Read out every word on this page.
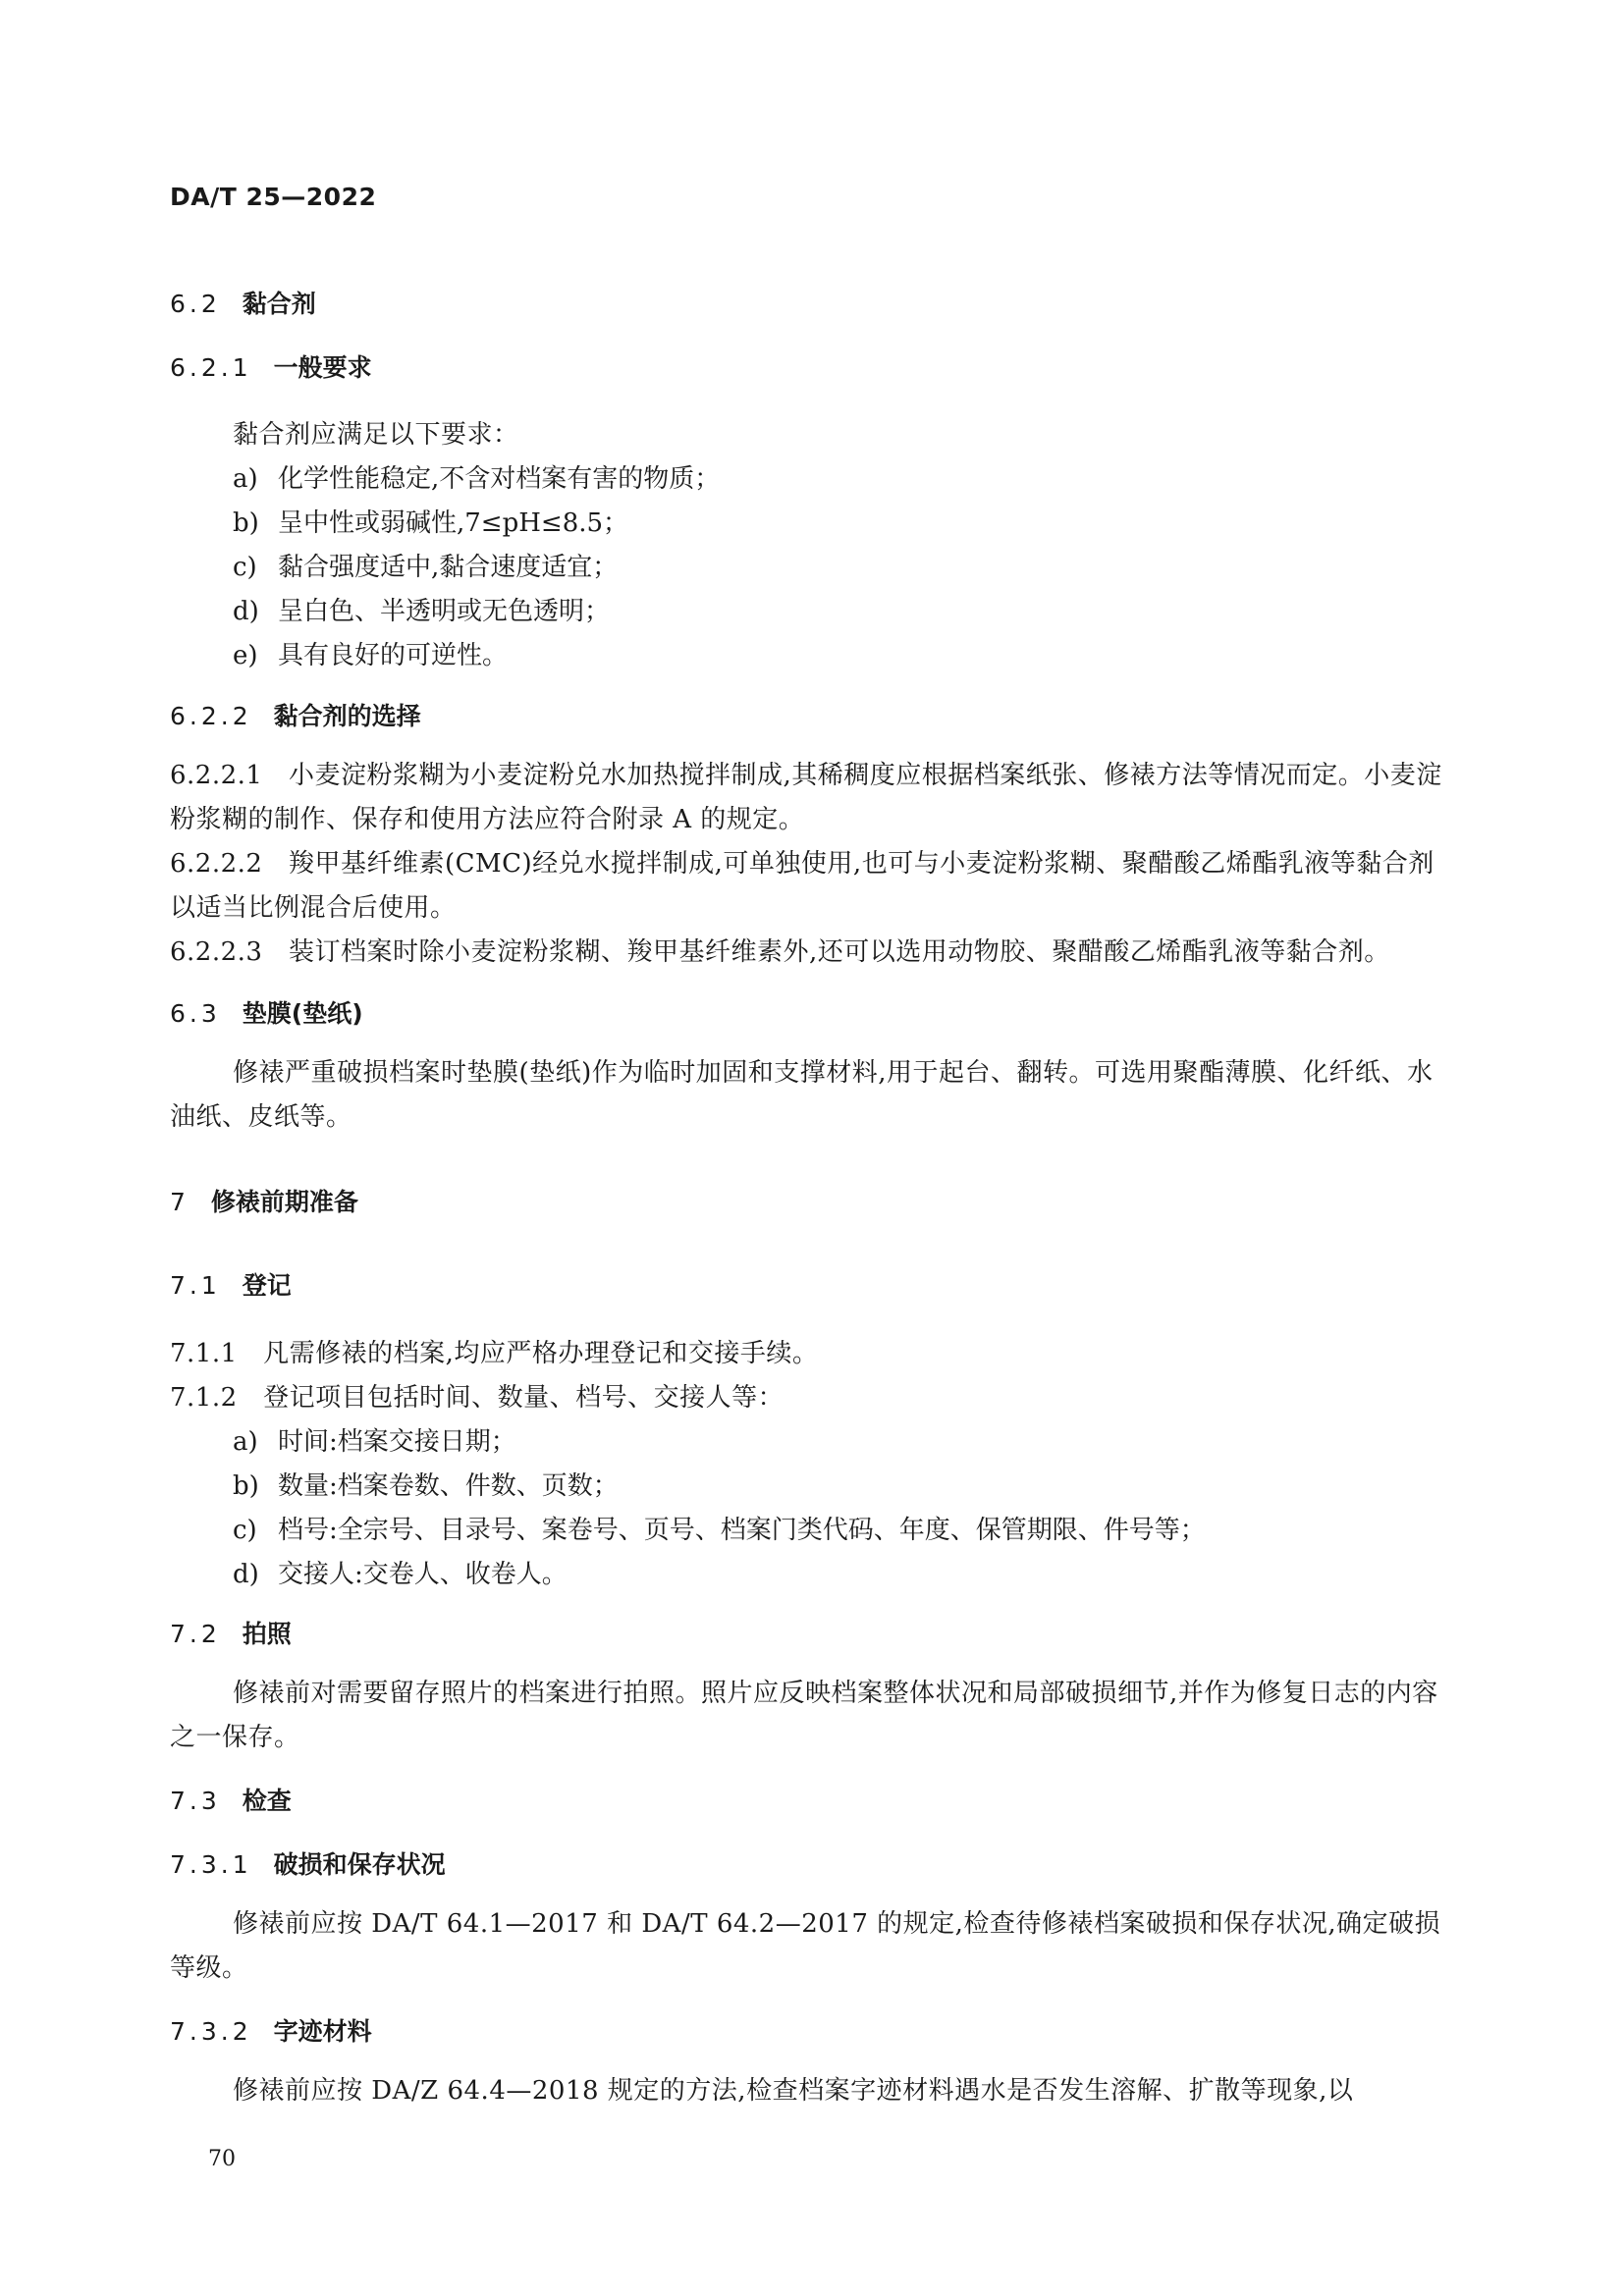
DA/T 25—2022
6.2 黏合剂
6.2.1 一般要求
黏合剂应满足以下要求：
a) 化学性能稳定,不含对档案有害的物质；
b) 呈中性或弱碱性,7≤pH≤8.5；
c) 黏合强度适中,黏合速度适宜；
d) 呈白色、半透明或无色透明；
e) 具有良好的可逆性。
6.2.2 黏合剂的选择
6.2.2.1　小麦淀粉浆糊为小麦淀粉兑水加热搅拌制成,其稀稠度应根据档案纸张、修裱方法等情况而定。小麦淀粉浆糊的制作、保存和使用方法应符合附录 A 的规定。
6.2.2.2　羧甲基纤维素(CMC)经兑水搅拌制成,可单独使用,也可与小麦淀粉浆糊、聚醋酸乙烯酯乳液等黏合剂以适当比例混合后使用。
6.2.2.3　装订档案时除小麦淀粉浆糊、羧甲基纤维素外,还可以选用动物胶、聚醋酸乙烯酯乳液等黏合剂。
6.3 垫膜(垫纸)
修裱严重破损档案时垫膜(垫纸)作为临时加固和支撑材料,用于起台、翻转。可选用聚酯薄膜、化纤纸、水油纸、皮纸等。
7 修裱前期准备
7.1 登记
7.1.1　凡需修裱的档案,均应严格办理登记和交接手续。
7.1.2　登记项目包括时间、数量、档号、交接人等：
a) 时间:档案交接日期；
b) 数量:档案卷数、件数、页数；
c) 档号:全宗号、目录号、案卷号、页号、档案门类代码、年度、保管期限、件号等；
d) 交接人:交卷人、收卷人。
7.2 拍照
修裱前对需要留存照片的档案进行拍照。照片应反映档案整体状况和局部破损细节,并作为修复日志的内容之一保存。
7.3 检查
7.3.1 破损和保存状况
修裱前应按 DA/T 64.1—2017 和 DA/T 64.2—2017 的规定,检查待修裱档案破损和保存状况,确定破损等级。
7.3.2 字迹材料
修裱前应按 DA/Z 64.4—2018 规定的方法,检查档案字迹材料遇水是否发生溶解、扩散等现象,以
70
